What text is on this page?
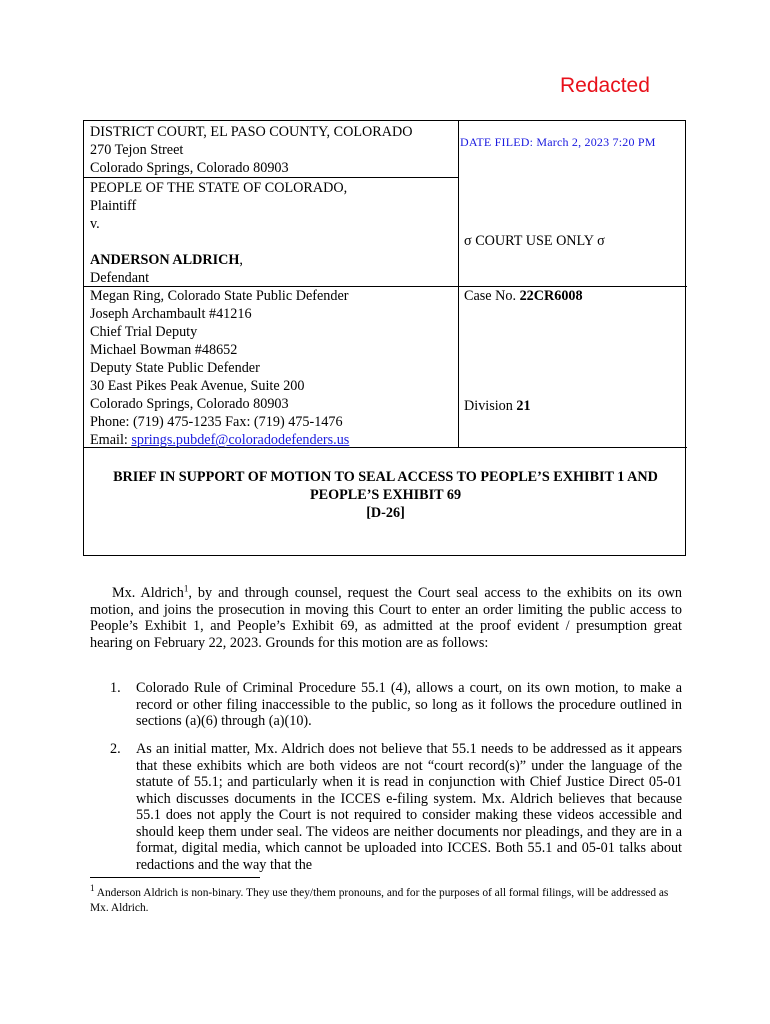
Redacted
DISTRICT COURT, EL PASO COUNTY, COLORADO
270 Tejon Street
Colorado Springs, Colorado 80903
DATE FILED: March 2, 2023 7:20 PM
PEOPLE OF THE STATE OF COLORADO,
Plaintiff
v.
ANDERSON ALDRICH,
Defendant
σ COURT USE ONLY σ
Megan Ring, Colorado State Public Defender
Joseph Archambault #41216
Chief Trial Deputy
Michael Bowman #48652
Deputy State Public Defender
30 East Pikes Peak Avenue, Suite 200
Colorado Springs, Colorado 80903
Phone: (719) 475-1235 Fax: (719) 475-1476
Email: springs.pubdef@coloradodefenders.us
Case No. 22CR6008
Division 21
BRIEF IN SUPPORT OF MOTION TO SEAL ACCESS TO PEOPLE’S EXHIBIT 1 AND
PEOPLE’S EXHIBIT 69
[D-26]
Mx. Aldrich$^1$, by and through counsel, request the Court seal access to the exhibits on its own motion, and joins the prosecution in moving this Court to enter an order limiting the public access to People’s Exhibit 1, and People’s Exhibit 69, as admitted at the proof evident / presumption great hearing on February 22, 2023. Grounds for this motion are as follows:
1. Colorado Rule of Criminal Procedure 55.1 (4), allows a court, on its own motion, to make a record or other filing inaccessible to the public, so long as it follows the procedure outlined in sections (a)(6) through (a)(10).
2. As an initial matter, Mx. Aldrich does not believe that 55.1 needs to be addressed as it appears that these exhibits which are both videos are not “court record(s)” under the language of the statute of 55.1; and particularly when it is read in conjunction with Chief Justice Direct 05-01 which discusses documents in the ICCES e-filing system. Mx. Aldrich believes that because 55.1 does not apply the Court is not required to consider making these videos accessible and should keep them under seal. The videos are neither documents nor pleadings, and they are in a format, digital media, which cannot be uploaded into ICCES. Both 55.1 and 05-01 talks about redactions and the way that the
$^1$ Anderson Aldrich is non-binary. They use they/them pronouns, and for the purposes of all formal filings, will be addressed as Mx. Aldrich.
